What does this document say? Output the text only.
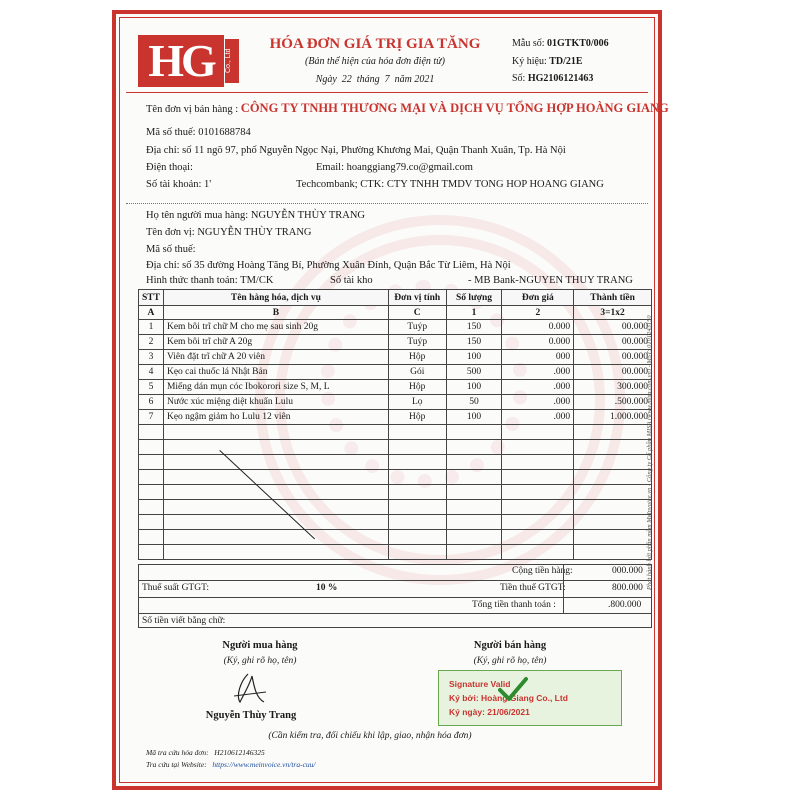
HG	Co., Ltd
HÓA ĐƠN GIÁ TRỊ GIA TĂNG
(Bản thể hiện của hóa đơn điện tử)
Ngày 22 tháng 7 năm 2021
Mẫu số: 01GTKT0/006
Ký hiệu: TD/21E
Số: HG2106121463
Tên đơn vị bán hàng : CÔNG TY TNHH THƯƠNG MẠI VÀ DỊCH VỤ TỔNG HỢP HOÀNG GIANG
Mã số thuế: 0101688784
Địa chỉ: số 11 ngõ 97, phố Nguyễn Ngọc Nại, Phường Khương Mai, Quận Thanh Xuân, Tp. Hà Nội
Điện thoại:	Email: hoanggiang79.co@gmail.com
Số tài khoản: 1'	Techcombank; CTK: CTY TNHH TMDV TONG HOP HOANG GIANG
Họ tên người mua hàng: NGUYỄN THÙY TRANG
Tên đơn vị: NGUYỄN THÙY TRANG
Mã số thuế:
Địa chỉ: số 35 đường Hoàng Tăng Bí, Phường Xuân Đỉnh, Quận Bắc Từ Liêm, Hà Nội
Hình thức thanh toán: TM/CK	Số tài kho	- MB Bank-NGUYEN THUY TRANG
STT	Tên hàng hóa, dịch vụ	Đơn vị tính	Số lượng	Đơn giá	Thành tiền
A	B	C	1	2	3=1x2
1	Kem bôi trĩ chữ M cho mẹ sau sinh 20g	Tuýp	150	0.000	00.000
2	Kem bôi trĩ chữ A 20g	Tuýp	150	0.000	00.000
3	Viên đặt trĩ chữ A 20 viên	Hộp	100	000	00.000
4	Kẹo cai thuốc lá Nhật Bản	Gói	500	.000	00.000
5	Miếng dán mụn cóc Ibokorori size S, M, L	Hộp	100	.000	300.000
6	Nước xúc miệng diệt khuẩn Lulu	Lọ	50	.000	.500.000
7	Kẹo ngậm giảm ho Lulu 12 viên	Hộp	100	.000	1.000.000

Cộng tiền hàng:	000.000
Thuế suất GTGT:	10 %	Tiền thuế GTGT:	800.000
Tổng tiền thanh toán :	.800.000
Số tiền viết bằng chữ:
Người mua hàng
(Ký, ghi rõ họ, tên)
Người bán hàng
(Ký, ghi rõ họ, tên)
Nguyễn Thùy Trang
Signature Valid
Ký bởi: Hoàng Giang Co., Ltd
Ký ngày: 21/06/2021
(Cần kiểm tra, đối chiếu khi lập, giao, nhận hóa đơn)
Mã tra cứu hóa đơn: H210612146325
Tra cứu tại Website: https://www.meinvoice.vn/tra-cuu/
Phát hành bởi phần mềm MeInvoice.vn - Công ty Cổ phần MISA (www.misa.com.vn) - MST: 0101243150
